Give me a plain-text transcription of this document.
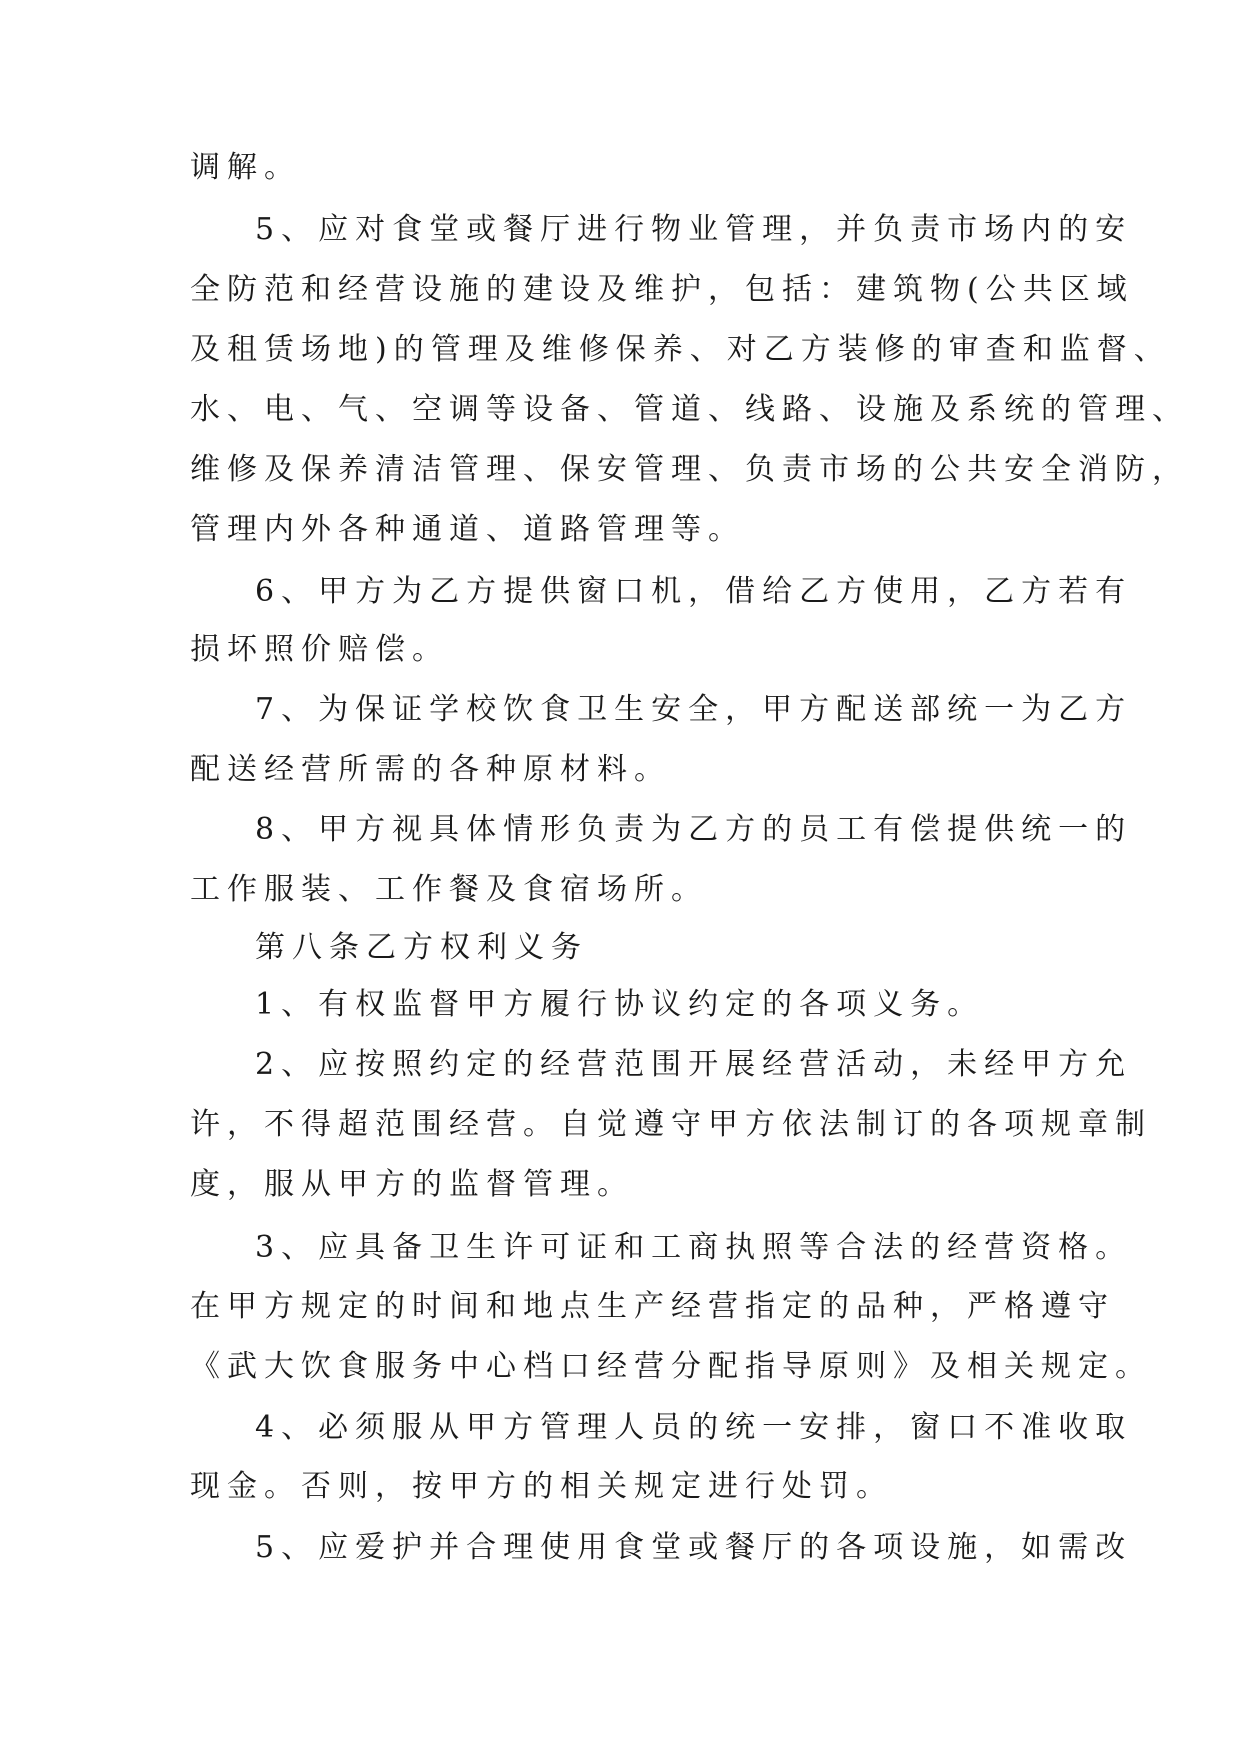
调解。
5、应对食堂或餐厅进行物业管理，并负责市场内的安
全防范和经营设施的建设及维护，包括：建筑物(公共区域
及租赁场地)的管理及维修保养、对乙方装修的审查和监督、
水、电、气、空调等设备、管道、线路、设施及系统的管理、
维修及保养清洁管理、保安管理、负责市场的公共安全消防，
管理内外各种通道、道路管理等。
6、甲方为乙方提供窗口机，借给乙方使用，乙方若有
损坏照价赔偿。
7、为保证学校饮食卫生安全，甲方配送部统一为乙方
配送经营所需的各种原材料。
8、甲方视具体情形负责为乙方的员工有偿提供统一的
工作服装、工作餐及食宿场所。
第八条乙方权利义务
1、有权监督甲方履行协议约定的各项义务。
2、应按照约定的经营范围开展经营活动，未经甲方允
许，不得超范围经营。自觉遵守甲方依法制订的各项规章制
度，服从甲方的监督管理。
3、应具备卫生许可证和工商执照等合法的经营资格。
在甲方规定的时间和地点生产经营指定的品种，严格遵守
《武大饮食服务中心档口经营分配指导原则》及相关规定。
4、必须服从甲方管理人员的统一安排，窗口不准收取
现金。否则，按甲方的相关规定进行处罚。
5、应爱护并合理使用食堂或餐厅的各项设施，如需改
